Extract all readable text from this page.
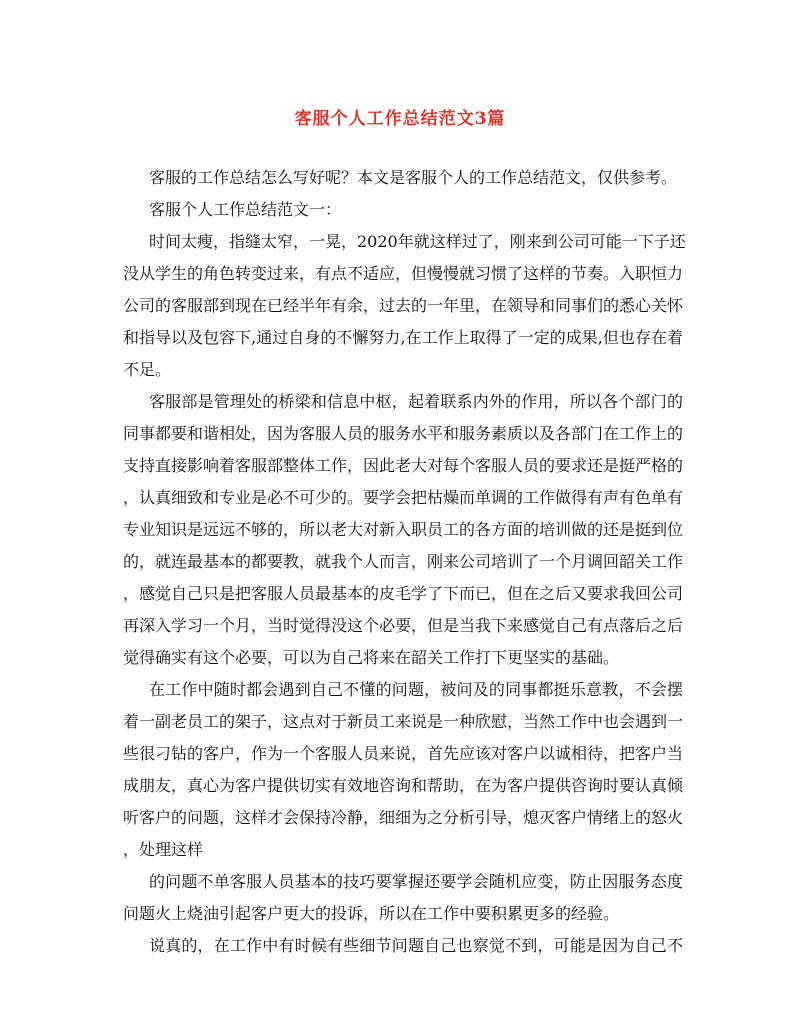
客服个人工作总结范文3篇

客服的工作总结怎么写好呢？本文是客服个人的工作总结范文，仅供参考。

客服个人工作总结范文一：

时间太瘦，指缝太窄，一晃，2020年就这样过了，刚来到公司可能一下子还

没从学生的角色转变过来，有点不适应，但慢慢就习惯了这样的节奏。入职恒力

公司的客服部到现在已经半年有余，过去的一年里，在领导和同事们的悉心关怀

和指导以及包容下,通过自身的不懈努力,在工作上取得了一定的成果,但也存在着

不足。

客服部是管理处的桥梁和信息中枢，起着联系内外的作用，所以各个部门的

同事都要和谐相处，因为客服人员的服务水平和服务素质以及各部门在工作上的

支持直接影响着客服部整体工作，因此老大对每个客服人员的要求还是挺严格的

，认真细致和专业是必不可少的。要学会把枯燥而单调的工作做得有声有色单有

专业知识是远远不够的，所以老大对新入职员工的各方面的培训做的还是挺到位

的，就连最基本的都要教，就我个人而言，刚来公司培训了一个月调回韶关工作

，感觉自己只是把客服人员最基本的皮毛学了下而已，但在之后又要求我回公司

再深入学习一个月，当时觉得没这个必要，但是当我下来感觉自己有点落后之后

觉得确实有这个必要，可以为自己将来在韶关工作打下更坚实的基础。

在工作中随时都会遇到自己不懂的问题，被问及的同事都挺乐意教，不会摆

着一副老员工的架子，这点对于新员工来说是一种欣慰，当然工作中也会遇到一

些很刁钻的客户，作为一个客服人员来说，首先应该对客户以诚相待，把客户当

成朋友，真心为客户提供切实有效地咨询和帮助，在为客户提供咨询时要认真倾

听客户的问题，这样才会保持冷静，细细为之分析引导，熄灭客户情绪上的怒火

，处理这样

的问题不单客服人员基本的技巧要掌握还要学会随机应变，防止因服务态度

问题火上烧油引起客户更大的投诉，所以在工作中要积累更多的经验。

说真的，在工作中有时候有些细节问题自己也察觉不到，可能是因为自己不
